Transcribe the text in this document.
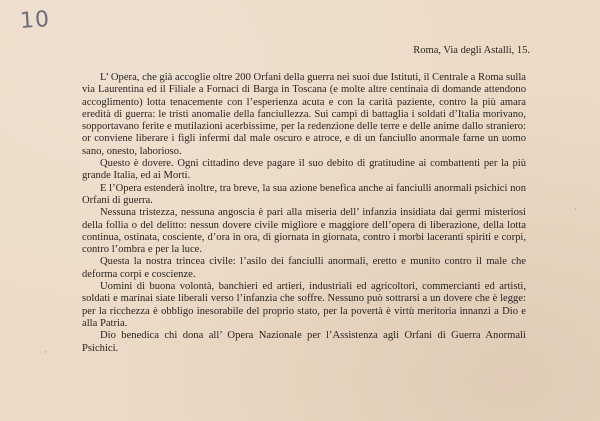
10
Roma, Via degli Astalli, 15.

L’ Opera, che già accoglie oltre 200 Orfani della guerra nei suoi due Istituti, il Centrale a Roma sulla via Laurentina ed il Filiale a Fornaci di Barga in Toscana (e molte altre centinaia di domande attendono accoglimento) lotta tenacemente con l’esperienza acuta e con la carità paziente, contro la più amara eredità di guerra: le tristi anomalie della fanciullezza. Sui campi di battaglia i soldati d’Italia morivano, sopportavano ferite e mutilazioni acerbissime, per la redenzione delle terre e delle anime dallo straniero: or conviene liberare i figli infermi dal male oscuro e atroce, e di un fanciullo anormale farne un uomo sano, onesto, laborioso.

Questo è dovere. Ogni cittadino deve pagare il suo debito di gratitudine ai combattenti per la più grande Italia, ed ai Morti.

E l’Opera estenderà inoltre, tra breve, la sua azione benefica anche ai fanciulli anormali psichici non Orfani di guerra.

Nessuna tristezza, nessuna angoscia è pari alla miseria dell’ infanzia insidiata dai germi misteriosi della follia o del delitto: nessun dovere civile migliore e maggiore dell’opera di liberazione, della lotta continua, ostinata, cosciente, d’ora in ora, di giornata in giornata, contro i morbi laceranti spiriti e corpi, contro l’ombra e per la luce.

Questa la nostra trincea civile: l’asilo dei fanciulli anormali, eretto e munito contro il male che deforma corpi e coscienze.

Uomini di buona volontà, banchieri ed artieri, industriali ed agricoltori, commercianti ed artisti, soldati e marinai siate liberali verso l’infanzia che soffre. Nessuno può sottrarsi a un dovere che è legge: per la ricchezza è obbligo inesorabile del proprio stato, per la povertà è virtù meritoria innanzi a Dio e alla Patria.

Dio benedica chi dona all’ Opera Nazionale per l’Assistenza agli Orfani di Guerra Anormali Psichici.

·
·
